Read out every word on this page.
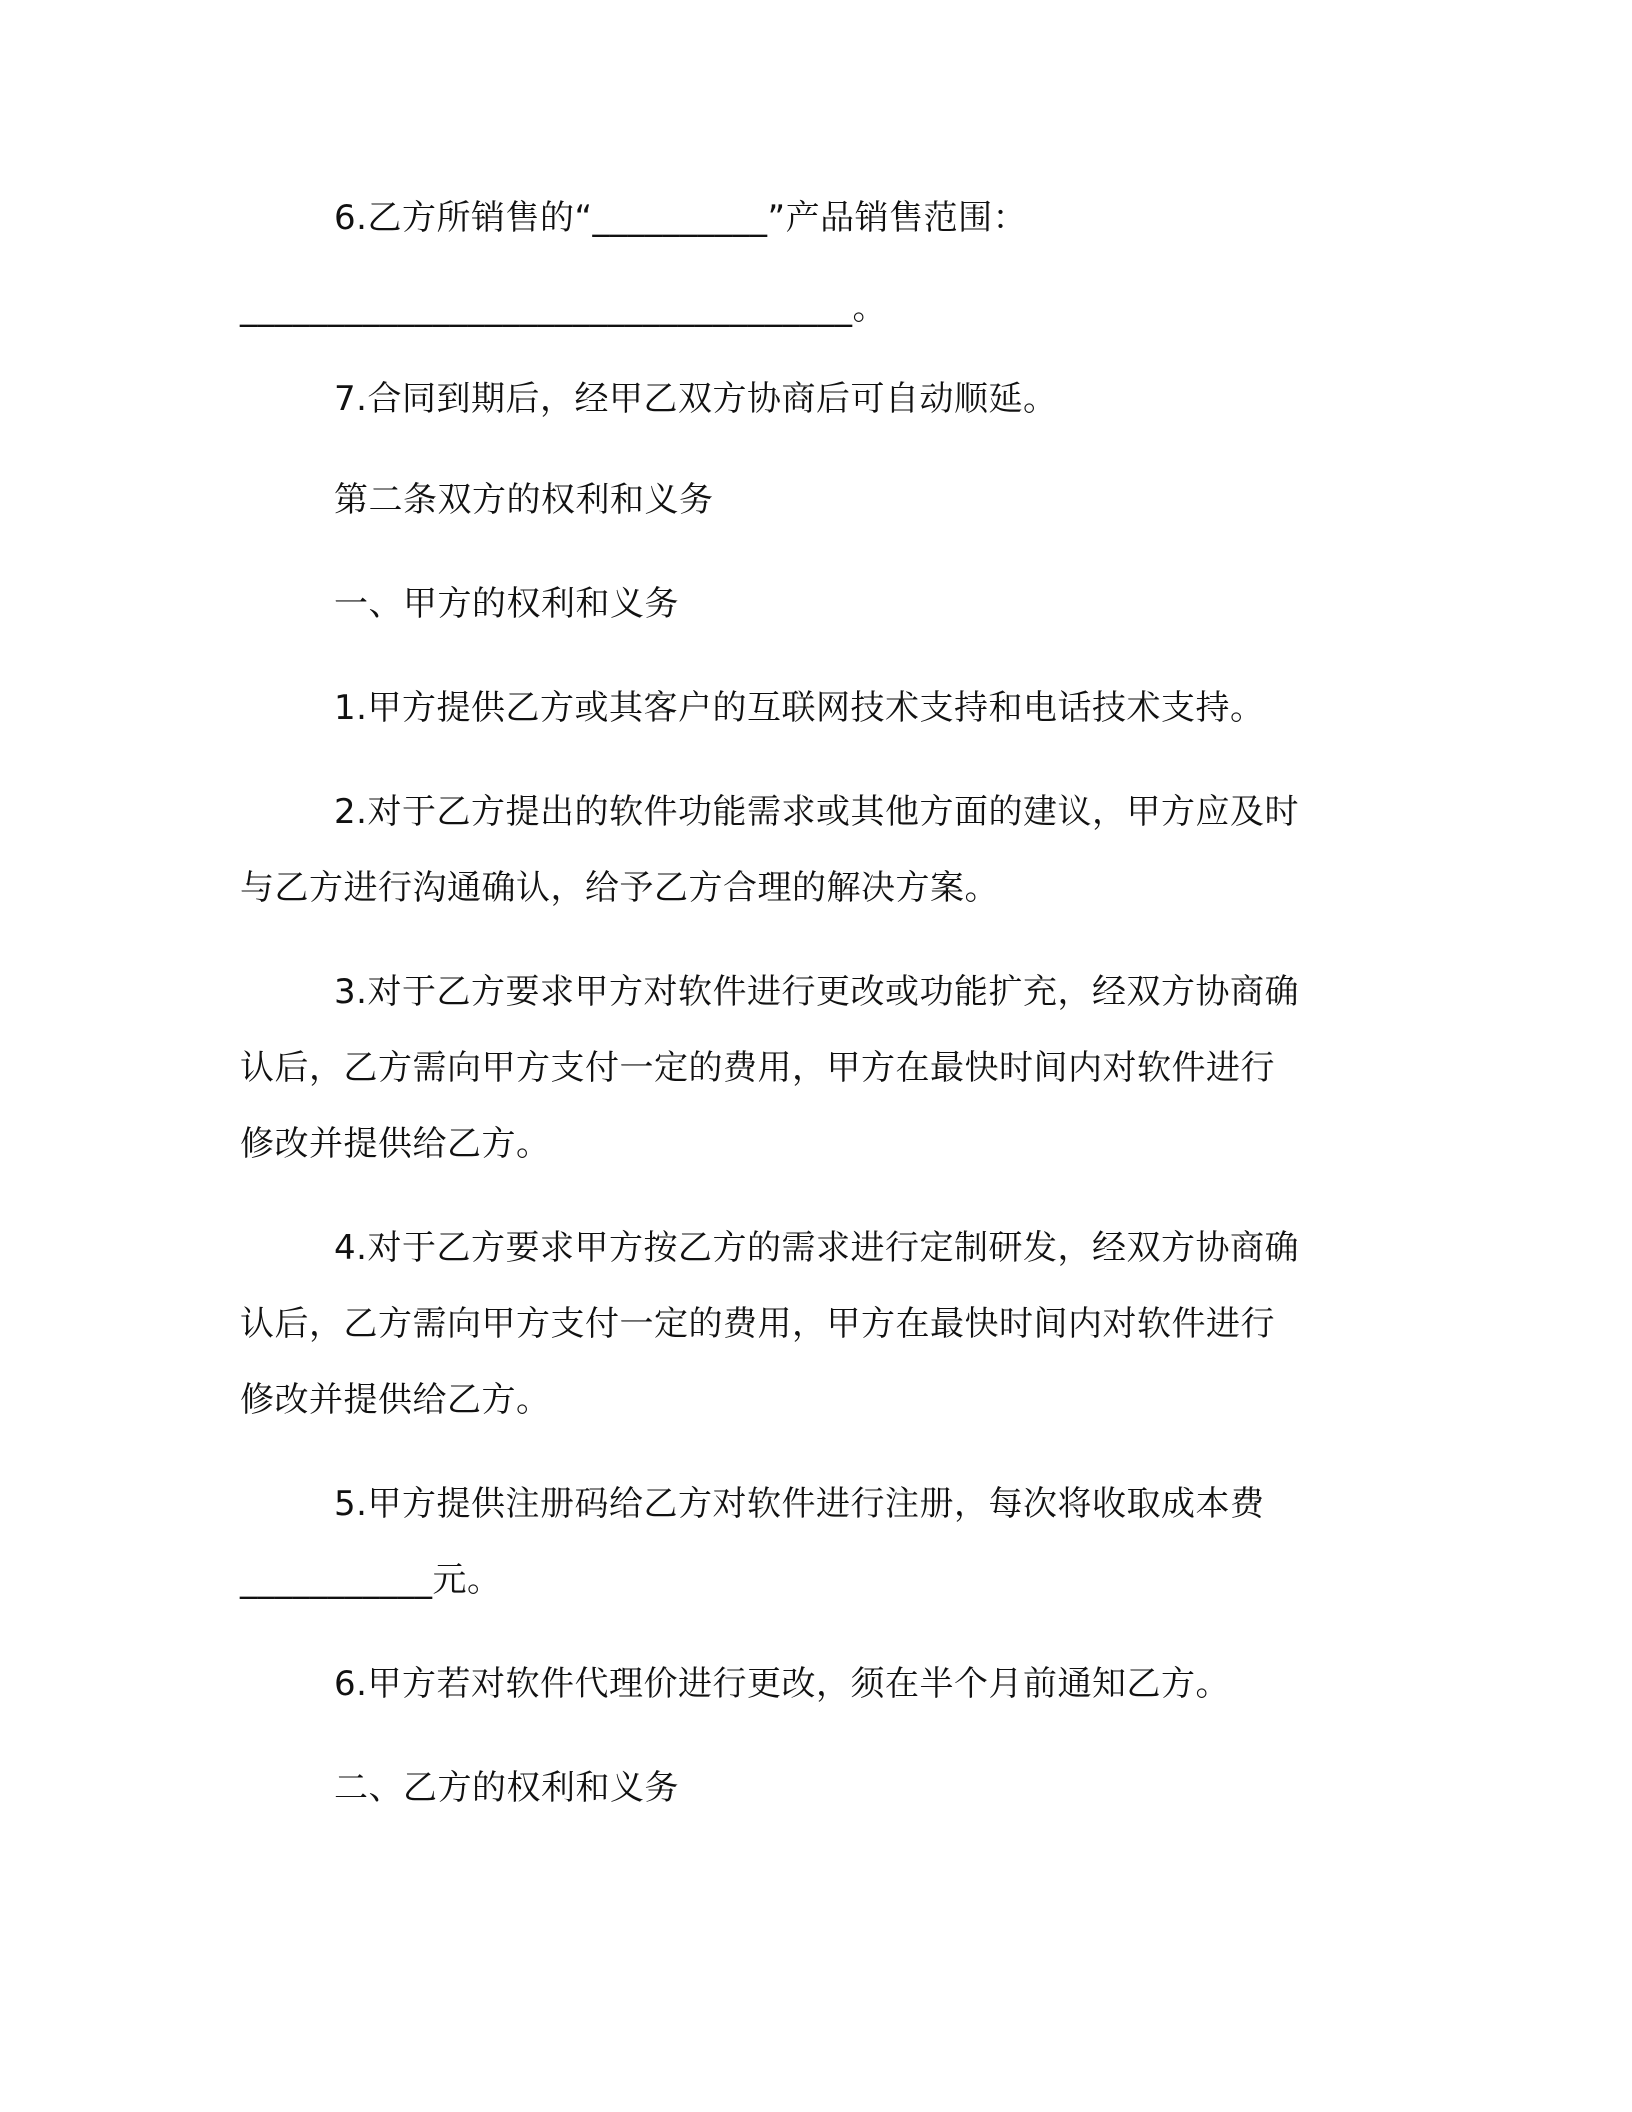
6.乙方所销售的“__________”产品销售范围：
___________________________________。
7.合同到期后，经甲乙双方协商后可自动顺延。
第二条双方的权利和义务
一、甲方的权利和义务
1.甲方提供乙方或其客户的互联网技术支持和电话技术支持。
2.对于乙方提出的软件功能需求或其他方面的建议，甲方应及时
与乙方进行沟通确认，给予乙方合理的解决方案。
3.对于乙方要求甲方对软件进行更改或功能扩充，经双方协商确
认后，乙方需向甲方支付一定的费用，甲方在最快时间内对软件进行
修改并提供给乙方。
4.对于乙方要求甲方按乙方的需求进行定制研发，经双方协商确
认后，乙方需向甲方支付一定的费用，甲方在最快时间内对软件进行
修改并提供给乙方。
5.甲方提供注册码给乙方对软件进行注册，每次将收取成本费
___________元。
6.甲方若对软件代理价进行更改，须在半个月前通知乙方。
二、乙方的权利和义务
